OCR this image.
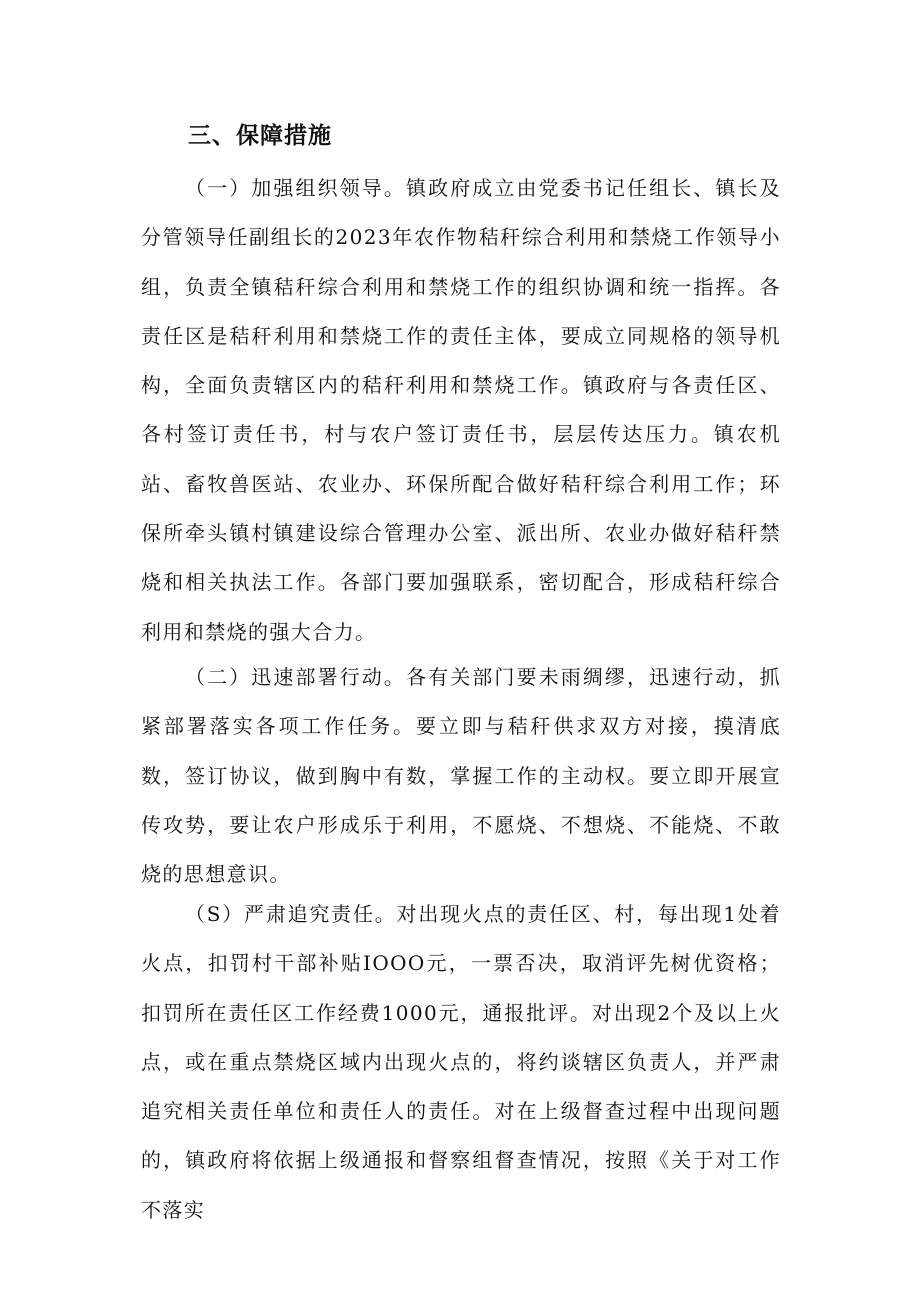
三、保障措施

（一）加强组织领导。镇政府成立由党委书记任组长、镇长及分管领导任副组长的2023年农作物秸秆综合利用和禁烧工作领导小组，负责全镇秸秆综合利用和禁烧工作的组织协调和统一指挥。各责任区是秸秆利用和禁烧工作的责任主体，要成立同规格的领导机构，全面负责辖区内的秸秆利用和禁烧工作。镇政府与各责任区、各村签订责任书，村与农户签订责任书，层层传达压力。镇农机站、畜牧兽医站、农业办、环保所配合做好秸秆综合利用工作；环保所牵头镇村镇建设综合管理办公室、派出所、农业办做好秸秆禁烧和相关执法工作。各部门要加强联系，密切配合，形成秸秆综合利用和禁烧的强大合力。

（二）迅速部署行动。各有关部门要未雨绸缪，迅速行动，抓紧部署落实各项工作任务。要立即与秸秆供求双方对接，摸清底数，签订协议，做到胸中有数，掌握工作的主动权。要立即开展宣传攻势，要让农户形成乐于利用，不愿烧、不想烧、不能烧、不敢烧的思想意识。

（S）严肃追究责任。对出现火点的责任区、村，每出现1处着火点，扣罚村干部补贴IOOO元，一票否决，取消评先树优资格；扣罚所在责任区工作经费1000元，通报批评。对出现2个及以上火点，或在重点禁烧区域内出现火点的，将约谈辖区负责人，并严肃追究相关责任单位和责任人的责任。对在上级督查过程中出现问题的，镇政府将依据上级通报和督察组督查情况，按照《关于对工作不落实
